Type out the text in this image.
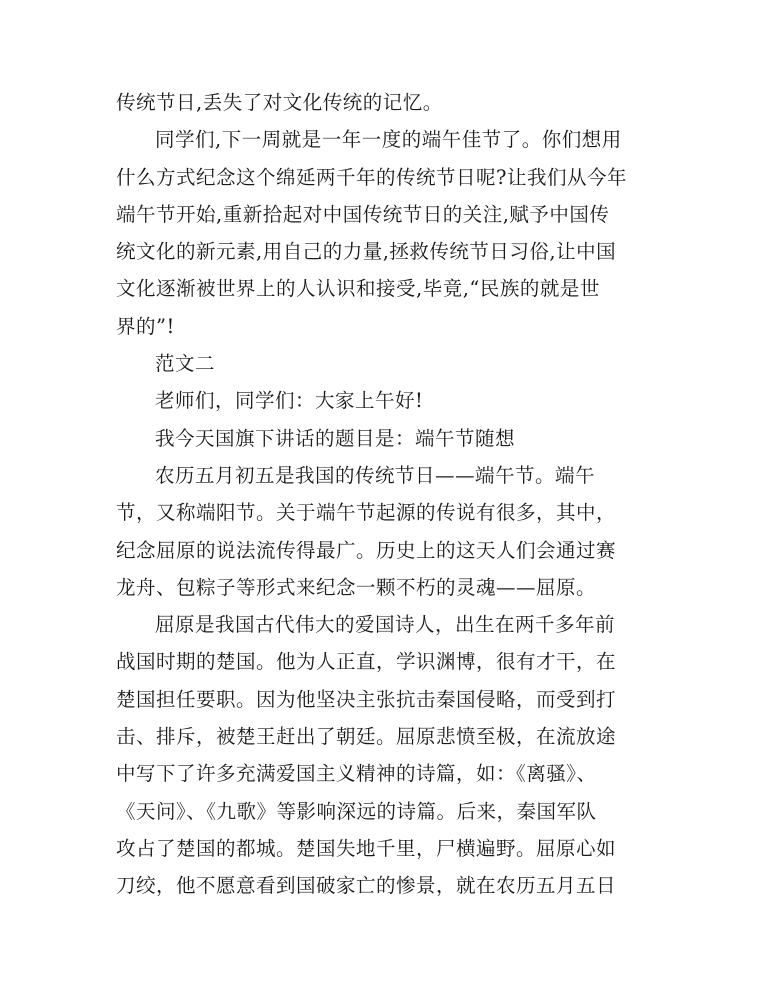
传统节日,丢失了对文化传统的记忆。
同学们,下一周就是一年一度的端午佳节了。你们想用
什么方式纪念这个绵延两千年的传统节日呢?让我们从今年
端午节开始,重新拾起对中国传统节日的关注,赋予中国传
统文化的新元素,用自己的力量,拯救传统节日习俗,让中国
文化逐渐被世界上的人认识和接受,毕竟,“民族的就是世
界的”!
范文二
老师们，同学们：大家上午好!
我今天国旗下讲话的题目是：端午节随想
农历五月初五是我国的传统节日——端午节。端午
节，又称端阳节。关于端午节起源的传说有很多，其中，
纪念屈原的说法流传得最广。历史上的这天人们会通过赛
龙舟、包粽子等形式来纪念一颗不朽的灵魂——屈原。
屈原是我国古代伟大的爱国诗人，出生在两千多年前
战国时期的楚国。他为人正直，学识渊博，很有才干，在
楚国担任要职。因为他坚决主张抗击秦国侵略，而受到打
击、排斥，被楚王赶出了朝廷。屈原悲愤至极，在流放途
中写下了许多充满爱国主义精神的诗篇，如：《离骚》、
《天问》、《九歌》等影响深远的诗篇。后来，秦国军队
攻占了楚国的都城。楚国失地千里，尸横遍野。屈原心如
刀绞，他不愿意看到国破家亡的惨景，就在农历五月五日
